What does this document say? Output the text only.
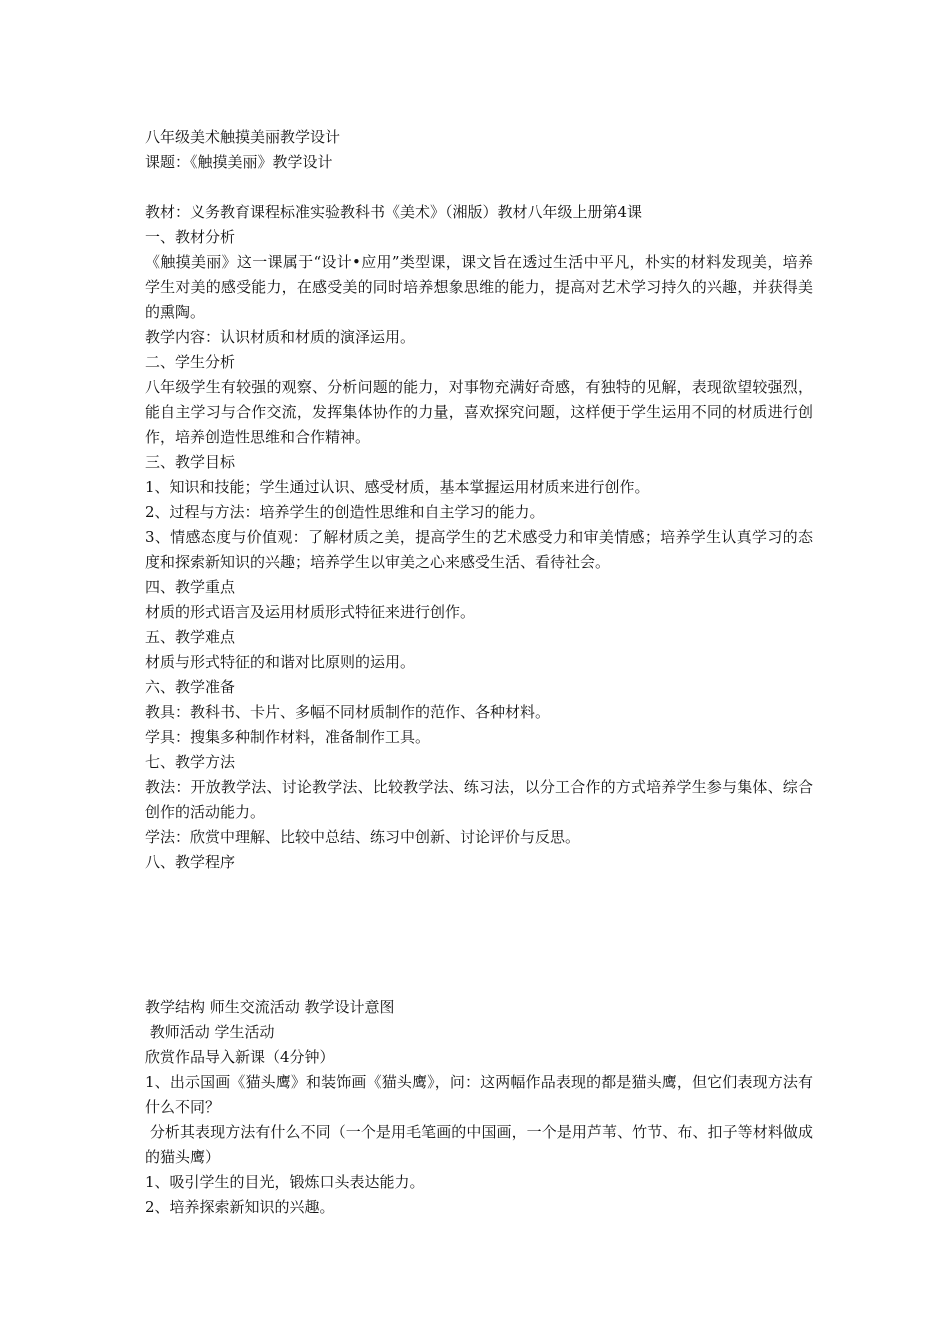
八年级美术触摸美丽教学设计

课题：《触摸美丽》教学设计

教材：义务教育课程标准实验教科书《美术》（湘版）教材八年级上册第4课

一、教材分析

《触摸美丽》这一课属于“设计•应用”类型课，课文旨在透过生活中平凡，朴实的材料发现美，培养学生对美的感受能力，在感受美的同时培养想象思维的能力，提高对艺术学习持久的兴趣，并获得美的熏陶。

教学内容：认识材质和材质的演泽运用。

二、学生分析

八年级学生有较强的观察、分析问题的能力，对事物充满好奇感，有独特的见解，表现欲望较强烈，能自主学习与合作交流，发挥集体协作的力量，喜欢探究问题，这样便于学生运用不同的材质进行创作，培养创造性思维和合作精神。

三、教学目标

1、知识和技能；学生通过认识、感受材质，基本掌握运用材质来进行创作。

2、过程与方法：培养学生的创造性思维和自主学习的能力。

3、情感态度与价值观：了解材质之美，提高学生的艺术感受力和审美情感；培养学生认真学习的态度和探索新知识的兴趣；培养学生以审美之心来感受生活、看待社会。

四、教学重点

材质的形式语言及运用材质形式特征来进行创作。

五、教学难点

材质与形式特征的和谐对比原则的运用。

六、教学准备

教具：教科书、卡片、多幅不同材质制作的范作、各种材料。

学具：搜集多种制作材料，准备制作工具。

七、教学方法

教法：开放教学法、讨论教学法、比较教学法、练习法，以分工合作的方式培养学生参与集体、综合创作的活动能力。

学法：欣赏中理解、比较中总结、练习中创新、讨论评价与反思。

八、教学程序

教学结构 师生交流活动 教学设计意图

教师活动 学生活动

欣赏作品导入新课（4分钟）

1、出示国画《猫头鹰》和装饰画《猫头鹰》，问：这两幅作品表现的都是猫头鹰，但它们表现方法有什么不同？

分析其表现方法有什么不同（一个是用毛笔画的中国画，一个是用芦苇、竹节、布、扣子等材料做成的猫头鹰）

1、吸引学生的目光，锻炼口头表达能力。

2、培养探索新知识的兴趣。
